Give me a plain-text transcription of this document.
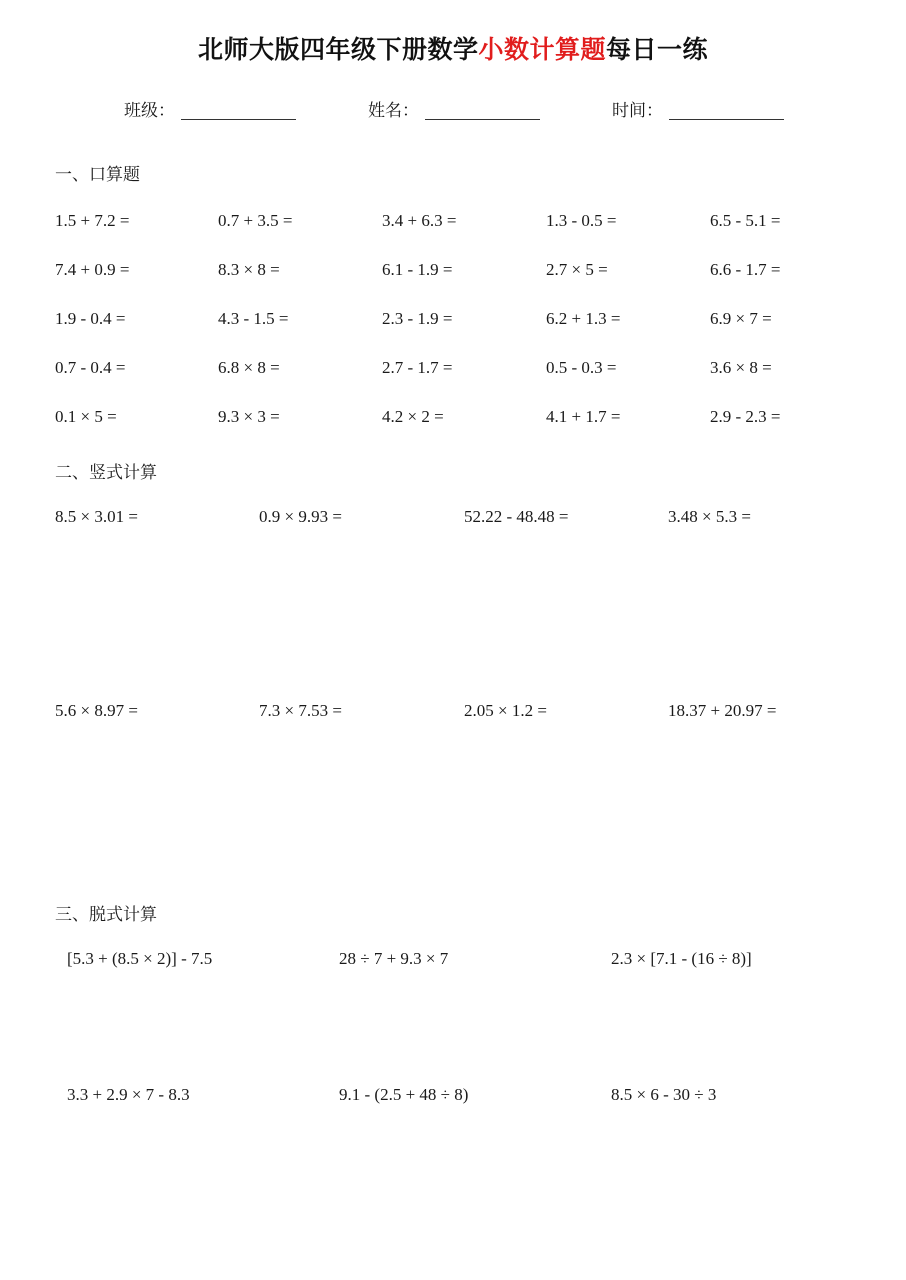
北师大版四年级下册数学小数计算题每日一练
班级：	姓名：	时间：
一、口算题
1.5 + 7.2 =	0.7 + 3.5 =	3.4 + 6.3 =	1.3 - 0.5 =	6.5 - 5.1 =
7.4 + 0.9 =	8.3 × 8 =	6.1 - 1.9 =	2.7 × 5 =	6.6 - 1.7 =
1.9 - 0.4 =	4.3 - 1.5 =	2.3 - 1.9 =	6.2 + 1.3 =	6.9 × 7 =
0.7 - 0.4 =	6.8 × 8 =	2.7 - 1.7 =	0.5 - 0.3 =	3.6 × 8 =
0.1 × 5 =	9.3 × 3 =	4.2 × 2 =	4.1 + 1.7 =	2.9 - 2.3 =
二、竖式计算
8.5 × 3.01 =	0.9 × 9.93 =	52.22 - 48.48 =	3.48 × 5.3 =
5.6 × 8.97 =	7.3 × 7.53 =	2.05 × 1.2 =	18.37 + 20.97 =
三、脱式计算
[5.3 + (8.5 × 2)] - 7.5	28 ÷ 7 + 9.3 × 7	2.3 × [7.1 - (16 ÷ 8)]
3.3 + 2.9 × 7 - 8.3	9.1 - (2.5 + 48 ÷ 8)	8.5 × 6 - 30 ÷ 3
